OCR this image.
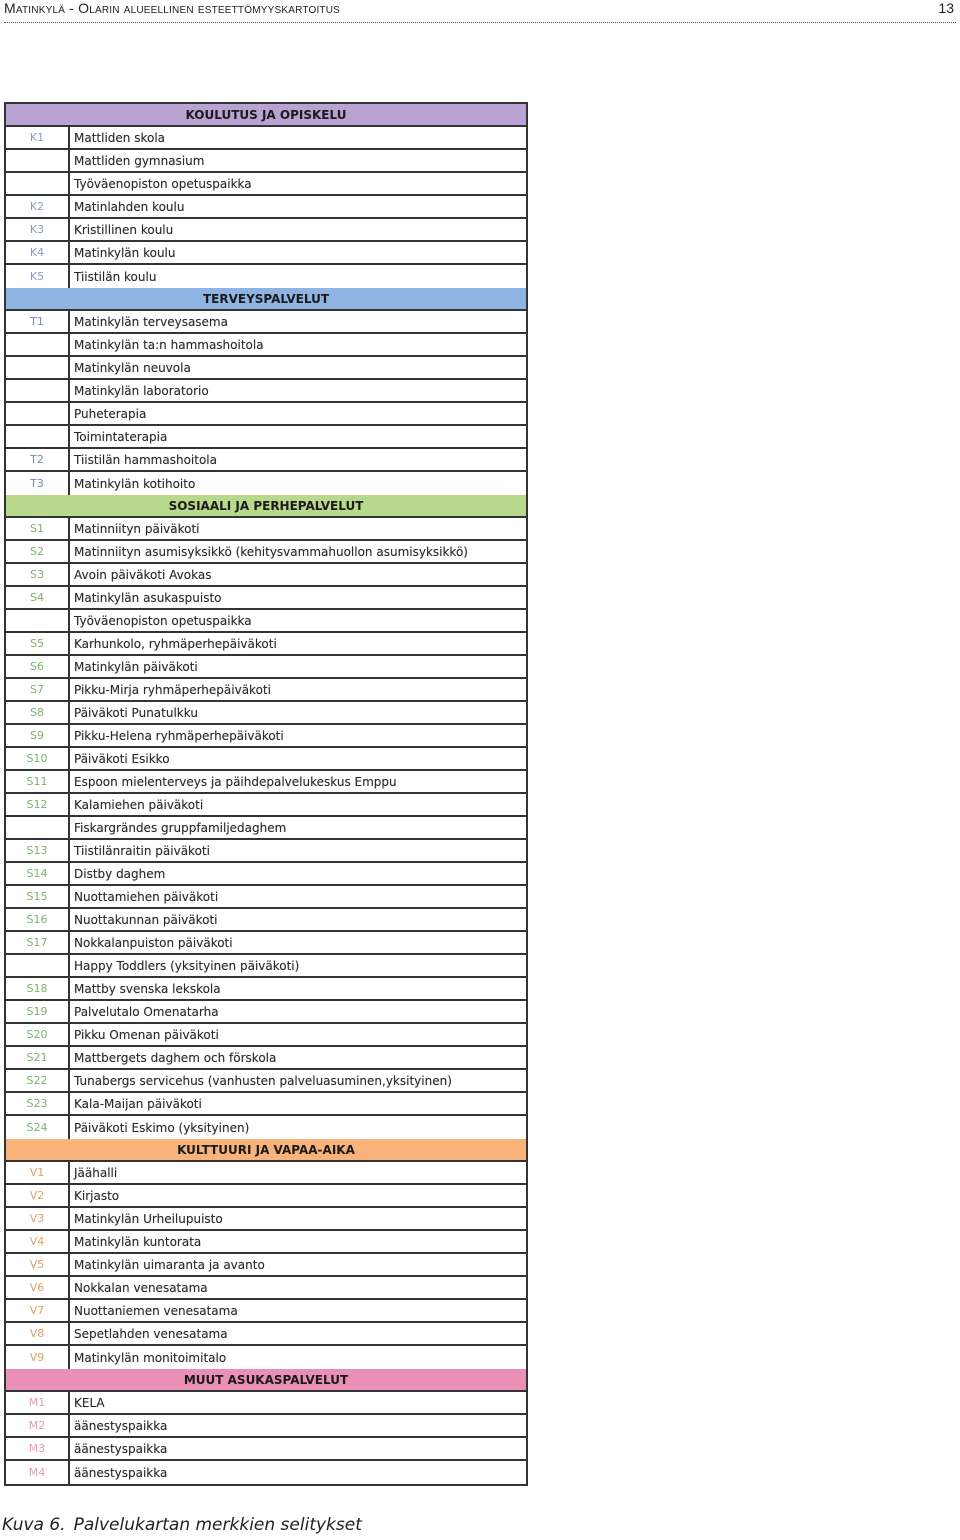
Matinkylä - Olarin alueellinen esteettömyyskartoitus	13
KOULUTUS JA OPISKELU
K1	Mattliden skola
Mattliden gymnasium
Työväenopiston opetuspaikka
K2	Matinlahden koulu
K3	Kristillinen koulu
K4	Matinkylän koulu
K5	Tiistilän koulu
TERVEYSPALVELUT
T1	Matinkylän terveysasema
Matinkylän ta:n hammashoitola
Matinkylän neuvola
Matinkylän laboratorio
Puheterapia
Toimintaterapia
T2	Tiistilän hammashoitola
T3	Matinkylän kotihoito
SOSIAALI JA PERHEPALVELUT
S1	Matinniityn päiväkoti
S2	Matinniityn asumisyksikkö (kehitysvammahuollon asumisyksikkö)
S3	Avoin päiväkoti Avokas
S4	Matinkylän asukaspuisto
Työväenopiston opetuspaikka
S5	Karhunkolo, ryhmäperhepäiväkoti
S6	Matinkylän päiväkoti
S7	Pikku-Mirja ryhmäperhepäiväkoti
S8	Päiväkoti Punatulkku
S9	Pikku-Helena ryhmäperhepäiväkoti
S10	Päiväkoti Esikko
S11	Espoon mielenterveys ja päihdepalvelukeskus Emppu
S12	Kalamiehen päiväkoti
Fiskargrändes gruppfamiljedaghem
S13	Tiistilänraitin päiväkoti
S14	Distby daghem
S15	Nuottamiehen päiväkoti
S16	Nuottakunnan päiväkoti
S17	Nokkalanpuiston päiväkoti
Happy Toddlers (yksityinen päiväkoti)
S18	Mattby svenska lekskola
S19	Palvelutalo Omenatarha
S20	Pikku Omenan päiväkoti
S21	Mattbergets daghem och förskola
S22	Tunabergs servicehus (vanhusten palveluasuminen,yksityinen)
S23	Kala-Maijan päiväkoti
S24	Päiväkoti Eskimo (yksityinen)
KULTTUURI JA VAPAA-AIKA
V1	Jäähalli
V2	Kirjasto
V3	Matinkylän Urheilupuisto
V4	Matinkylän kuntorata
V5	Matinkylän uimaranta ja avanto
V6	Nokkalan venesatama
V7	Nuottaniemen venesatama
V8	Sepetlahden venesatama
V9	Matinkylän monitoimitalo
MUUT ASUKASPALVELUT
M1	KELA
M2	äänestyspaikka
M3	äänestyspaikka
M4	äänestyspaikka
Kuva 6. Palvelukartan merkkien selitykset
